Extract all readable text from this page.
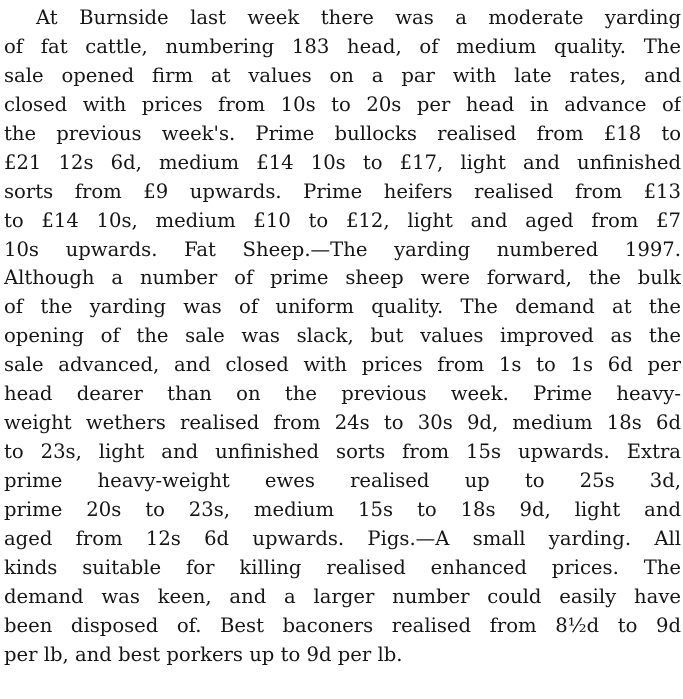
At Burnside last week there was a moderate yarding
of fat cattle, numbering 183 head, of medium quality. The
sale opened firm at values on a par with late rates, and
closed with prices from 10s to 20s per head in advance of
the previous week's. Prime bullocks realised from £18 to
£21 12s 6d, medium £14 10s to £17, light and unfinished
sorts from £9 upwards. Prime heifers realised from £13
to £14 10s, medium £10 to £12, light and aged from £7
10s upwards. Fat Sheep.—The yarding numbered 1997.
Although a number of prime sheep were forward, the bulk
of the yarding was of uniform quality. The demand at the
opening of the sale was slack, but values improved as the
sale advanced, and closed with prices from 1s to 1s 6d per
head dearer than on the previous week. Prime heavy-
weight wethers realised from 24s to 30s 9d, medium 18s 6d
to 23s, light and unfinished sorts from 15s upwards. Extra
prime heavy-weight ewes realised up to 25s 3d,
prime 20s to 23s, medium 15s to 18s 9d, light and
aged from 12s 6d upwards. Pigs.—A small yarding. All
kinds suitable for killing realised enhanced prices. The
demand was keen, and a larger number could easily have
been disposed of. Best baconers realised from 8½d to 9d
per lb, and best porkers up to 9d per lb.
